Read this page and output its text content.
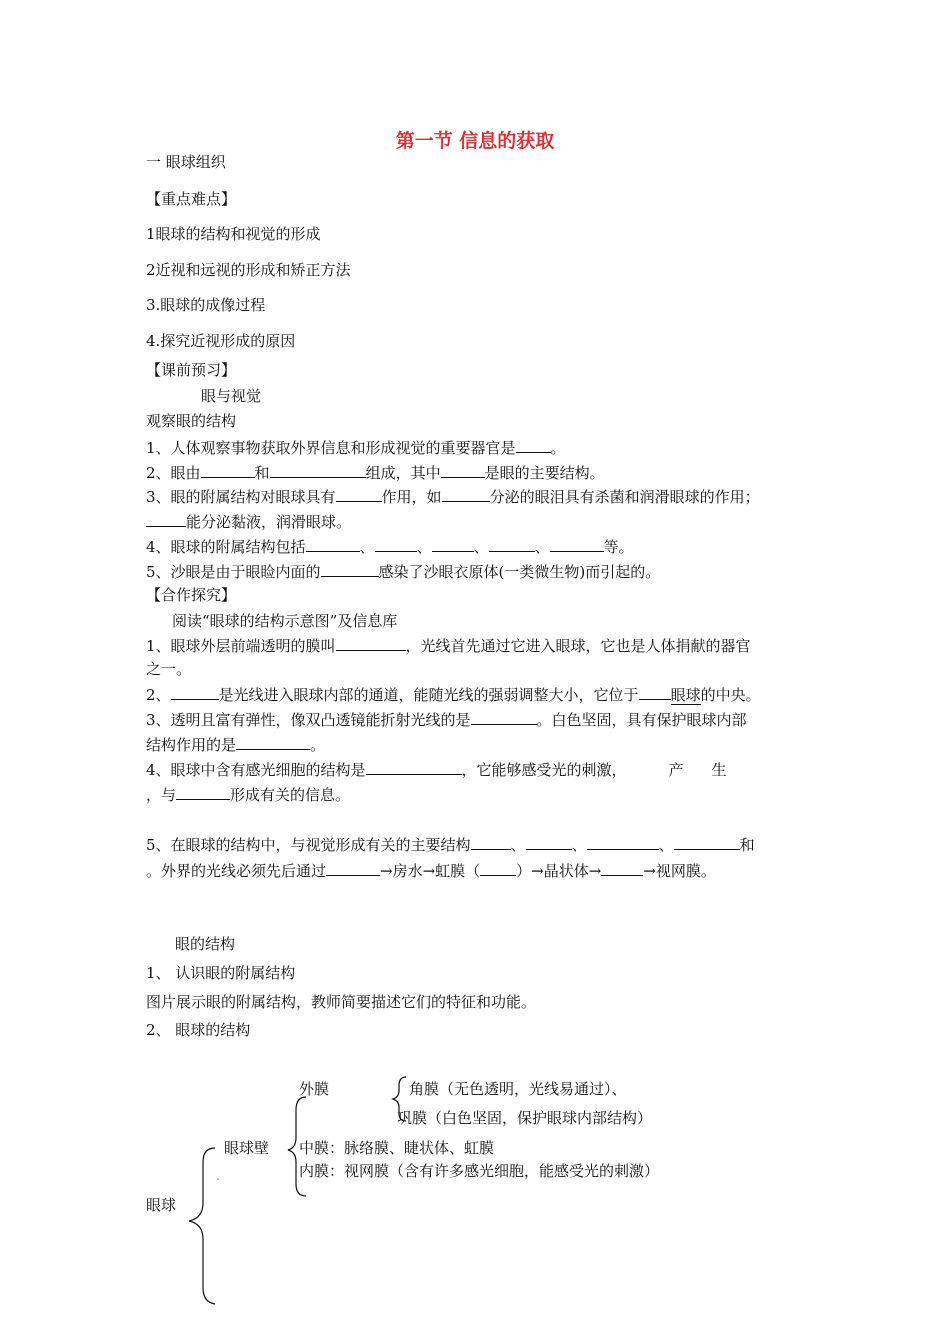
第一节 信息的获取
一 眼球组织
【重点难点】
1眼球的结构和视觉的形成
2近视和远视的形成和矫正方法
3.眼球的成像过程
4.探究近视形成的原因
【课前预习】
眼与视觉
观察眼的结构
1、人体观察事物获取外界信息和形成视觉的重要器官是 。
2、眼由	和	组成，其中	是眼的主要结构。
3、眼的附属结构对眼球具有	作用，如	分泌的眼泪具有杀菌和润滑眼球的作用；
能分泌黏液，润滑眼球。
4、眼球的附属结构包括	、	、	、	、	等。
5、沙眼是由于眼睑内面的	感染了沙眼衣原体(一类微生物)而引起的。
【合作探究】
阅读“眼球的结构示意图”及信息库
1、眼球外层前端透明的膜叫	，光线首先通过它进入眼球，它也是人体捐献的器官
之一。
2、	是光线进入眼球内部的通道，能随光线的强弱调整大小，它位于 眼球的中央。
3、透明且富有弹性，像双凸透镜能折射光线的是	。白色坚固，具有保护眼球内部
结构作用的是	。
4、眼球中含有感光细胞的结构是	，它能够感受光的刺激，	产 生
，与	形成有关的信息。
5、在眼球的结构中，与视觉形成有关的主要结构	、	、	、	和
。外界的光线必须先后通过	→房水→虹膜（ ）→晶状体→	→视网膜。
眼的结构
1、 认识眼的附属结构
图片展示眼的附属结构，教师简要描述它们的特征和功能。
2、 眼球的结构
眼球
眼球壁
外膜	角膜（无色透明，光线易通过）、
巩膜（白色坚固，保护眼球内部结构）
中膜：脉络膜、睫状体、虹膜
内膜：视网膜（含有许多感光细胞，能感受光的刺激）
.
